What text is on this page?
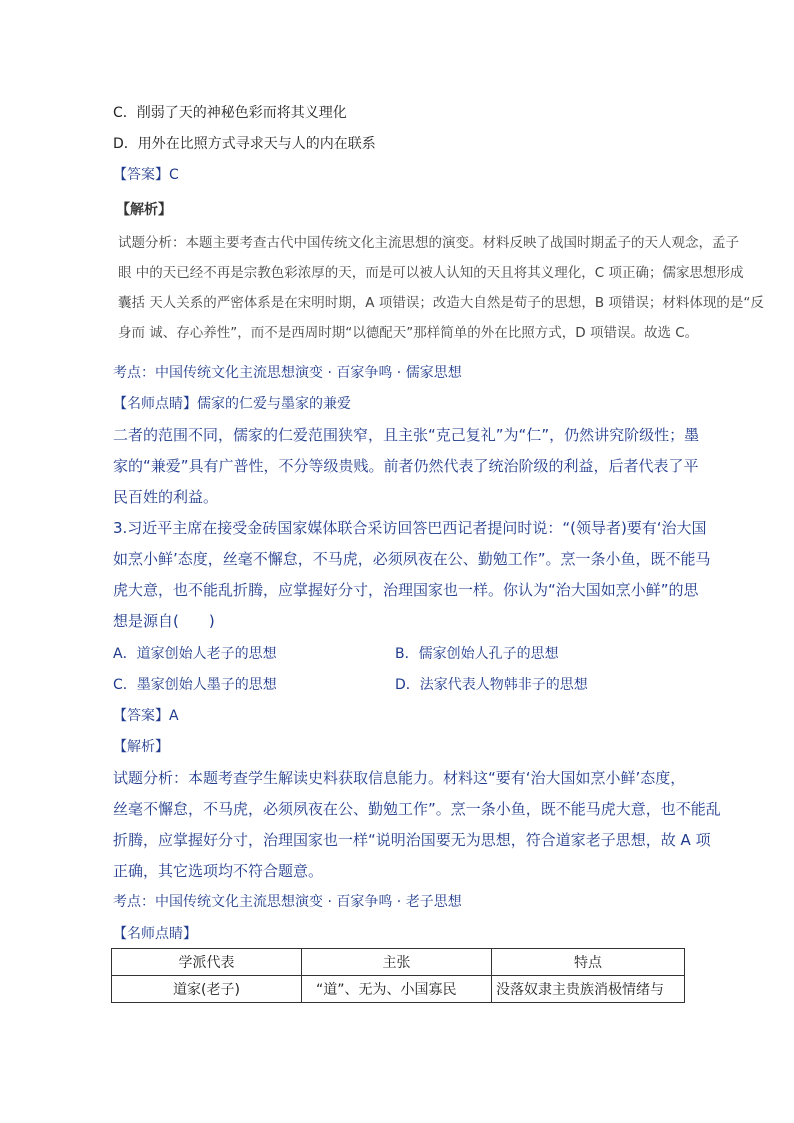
C．削弱了天的神秘色彩而将其义理化
D．用外在比照方式寻求天与人的内在联系
【答案】C
【解析】
试题分析：本题主要考查古代中国传统文化主流思想的演变。材料反映了战国时期孟子的天人观念，孟子
眼 中的天已经不再是宗教色彩浓厚的天，而是可以被人认知的天且将其义理化，C 项正确；儒家思想形成
囊括 天人关系的严密体系是在宋明时期，A 项错误；改造大自然是荀子的思想，B 项错误；材料体现的是“反
身而 诚、存心养性”，而不是西周时期“以德配天”那样简单的外在比照方式，D 项错误。故选 C。
考点：中国传统文化主流思想演变 · 百家争鸣 · 儒家思想
【名师点睛】儒家的仁爱与墨家的兼爱
二者的范围不同，儒家的仁爱范围狭窄，且主张“克己复礼”为“仁”，仍然讲究阶级性；墨
家的“兼爱”具有广普性，不分等级贵贱。前者仍然代表了统治阶级的利益，后者代表了平
民百姓的利益。
3.习近平主席在接受金砖国家媒体联合采访回答巴西记者提问时说：“(领导者)要有‘治大国
如烹小鲜’态度，丝毫不懈怠，不马虎，必须夙夜在公、勤勉工作”。烹一条小鱼，既不能马
虎大意，也不能乱折腾，应掌握好分寸，治理国家也一样。你认为“治大国如烹小鲜”的思
想是源自(　　)
A．道家创始人老子的思想	B．儒家创始人孔子的思想
C．墨家创始人墨子的思想	D．法家代表人物韩非子的思想
【答案】A
【解析】
试题分析：本题考查学生解读史料获取信息能力。材料这“要有‘治大国如烹小鲜’态度，
丝毫不懈怠，不马虎，必须夙夜在公、勤勉工作”。烹一条小鱼，既不能马虎大意，也不能乱
折腾，应掌握好分寸，治理国家也一样“说明治国要无为思想，符合道家老子思想，故 A 项
正确，其它选项均不符合题意。
考点：中国传统文化主流思想演变 · 百家争鸣 · 老子思想
【名师点睛】
学派代表	主张	特点
道家(老子)	“道”、无为、小国寡民	没落奴隶主贵族消极情绪与
